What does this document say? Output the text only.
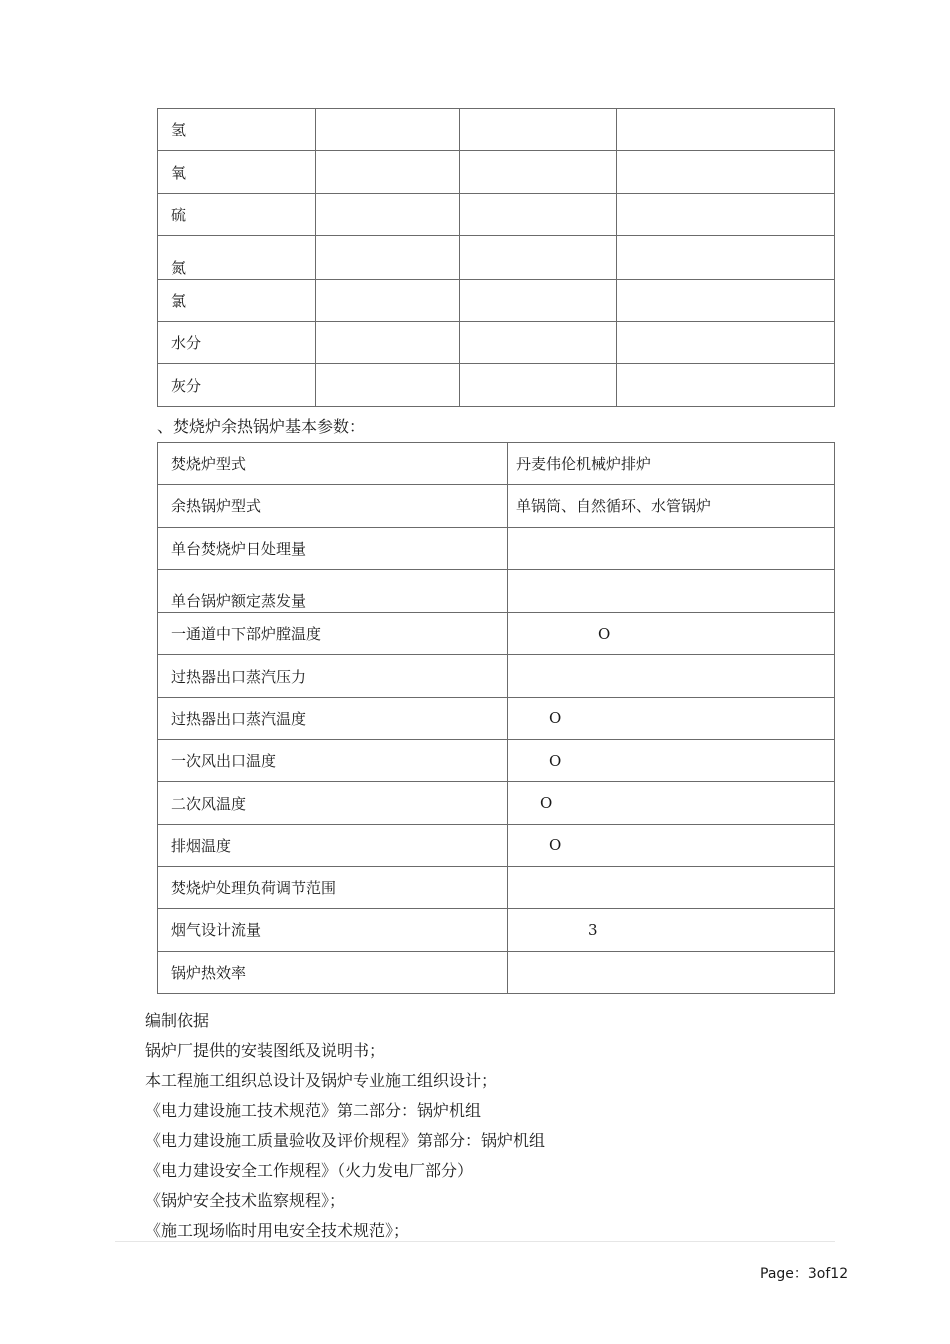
氢			
氧			
硫			
氮			
氯			
水分			
灰分			
、焚烧炉余热锅炉基本参数：
焚烧炉型式	丹麦伟伦机械炉排炉
余热锅炉型式	单锅筒、自然循环、水管锅炉
单台焚烧炉日处理量	
单台锅炉额定蒸发量	
一通道中下部炉膛温度	O
过热器出口蒸汽压力	
过热器出口蒸汽温度	O
一次风出口温度	O
二次风温度	O
排烟温度	O
焚烧炉处理负荷调节范围	
烟气设计流量	3
锅炉热效率	
编制依据
锅炉厂提供的安装图纸及说明书；
本工程施工组织总设计及锅炉专业施工组织设计；
《电力建设施工技术规范》第二部分：锅炉机组
《电力建设施工质量验收及评价规程》第部分：锅炉机组
《电力建设安全工作规程》（火力发电厂部分）
《锅炉安全技术监察规程》；
《施工现场临时用电安全技术规范》；
Page：3of12
